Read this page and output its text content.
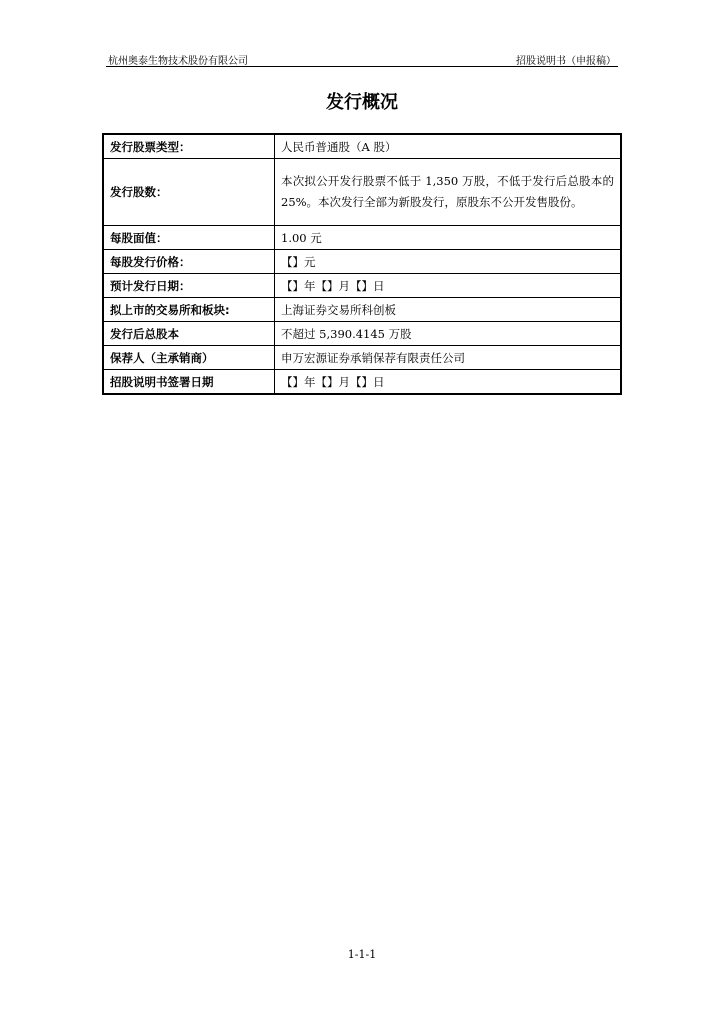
杭州奥泰生物技术股份有限公司	招股说明书（申报稿）
发行概况
发行股票类型：	人民币普通股（A 股）
发行股数：	本次拟公开发行股票不低于 1,350 万股，不低于发行后总股本的 25%。本次发行全部为新股发行，原股东不公开发售股份。
每股面值：	1.00 元
每股发行价格：	【】元
预计发行日期：	【】年【】月【】日
拟上市的交易所和板块:	上海证券交易所科创板
发行后总股本	不超过 5,390.4145 万股
保荐人（主承销商）	申万宏源证券承销保荐有限责任公司
招股说明书签署日期	【】年【】月【】日
1-1-1
